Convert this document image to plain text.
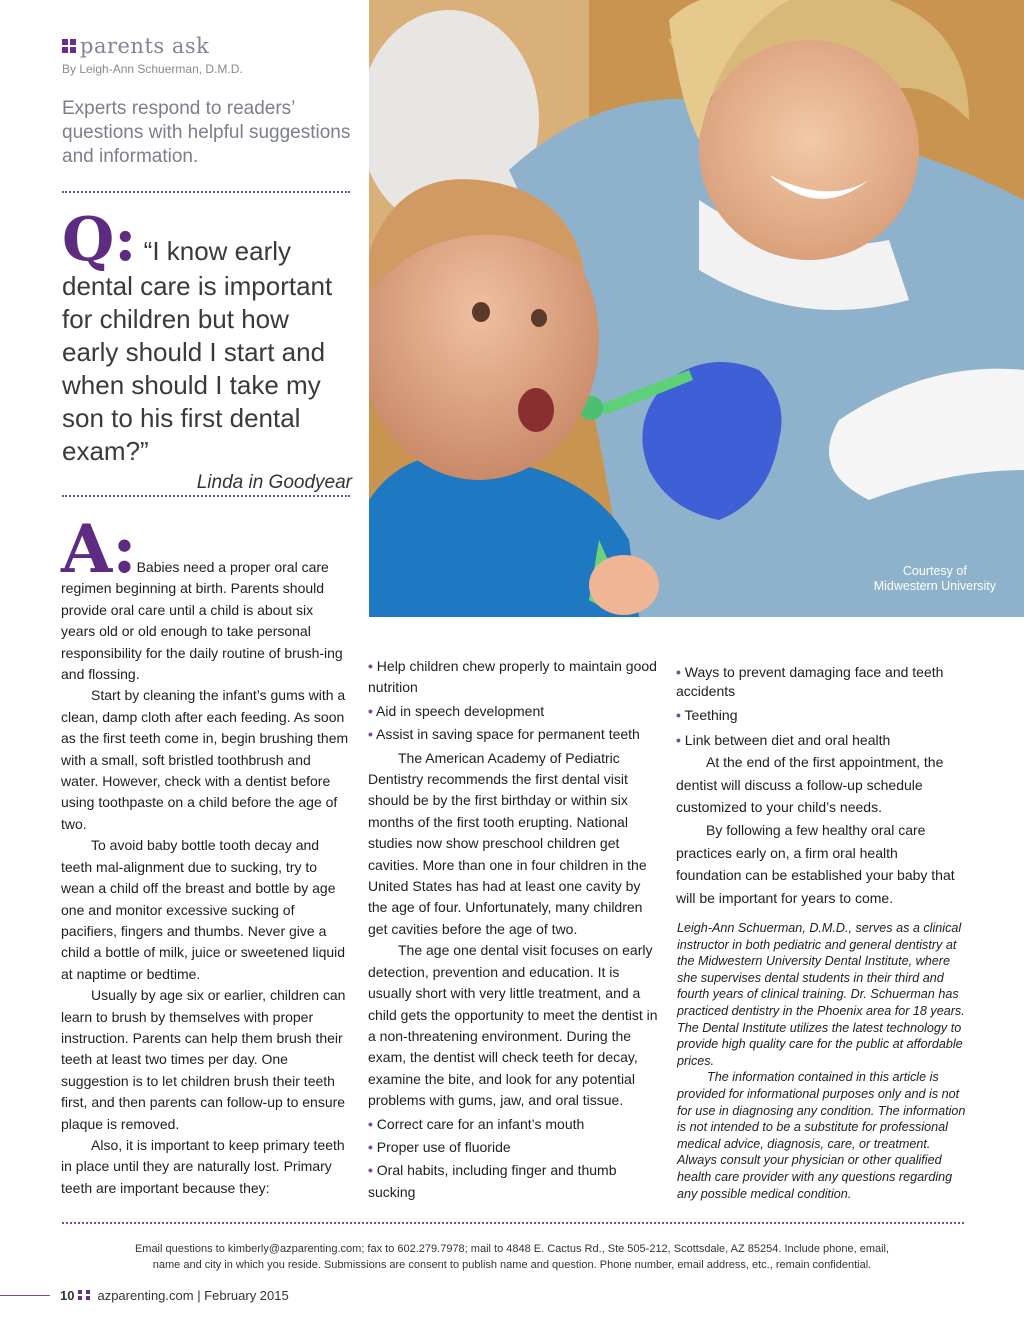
parents ask
By Leigh-Ann Schuerman, D.M.D.
Experts respond to readers’ questions with helpful suggestions and information.
Q: “I know early
dental care is important for children but how early should I start and when should I take my son to his first dental exam?”
Linda in Goodyear
Courtesy of
Midwestern University

A:Babies need a proper oral care regimen beginning at birth. Parents should provide oral care until a child is about six years old or old enough to take personal responsibility for the daily routine of brush-ing and flossing.

Start by cleaning the infant’s gums with a clean, damp cloth after each feeding. As soon as the first teeth come in, begin brushing them with a small, soft bristled toothbrush and water. However, check with a dentist before using toothpaste on a child before the age of two.

To avoid baby bottle tooth decay and teeth mal-alignment due to sucking, try to wean a child off the breast and bottle by age one and monitor excessive sucking of pacifiers, fingers and thumbs. Never give a child a bottle of milk, juice or sweetened liquid at naptime or bedtime.

Usually by age six or earlier, children can learn to brush by themselves with proper instruction. Parents can help them brush their teeth at least two times per day. One suggestion is to let children brush their teeth first, and then parents can follow-up to ensure plaque is removed.

Also, it is important to keep primary teeth in place until they are naturally lost. Primary teeth are important because they:

• Help children chew properly to maintain good nutrition

• Aid in speech development

• Assist in saving space for permanent teeth

The American Academy of Pediatric Dentistry recommends the first dental visit should be by the first birthday or within six months of the first tooth erupting. National studies now show preschool children get cavities. More than one in four children in the United States has had at least one cavity by the age of four. Unfortunately, many children get cavities before the age of two.

The age one dental visit focuses on early detection, prevention and education. It is usually short with very little treatment, and a child gets the opportunity to meet the dentist in a non-threatening environment. During the exam, the dentist will check teeth for decay, examine the bite, and look for any potential problems with gums, jaw, and oral tissue.

• Correct care for an infant’s mouth

• Proper use of fluoride

• Oral habits, including finger and thumb sucking

• Ways to prevent damaging face and teeth accidents

• Teething

• Link between diet and oral health

At the end of the first appointment, the dentist will discuss a follow-up schedule customized to your child’s needs.

By following a few healthy oral care practices early on, a firm oral health foundation can be established your baby that will be important for years to come.

Leigh-Ann Schuerman, D.M.D., serves as a clinical instructor in both pediatric and general dentistry at the Midwestern University Dental Institute, where she supervises dental students in their third and fourth years of clinical training. Dr. Schuerman has practiced dentistry in the Phoenix area for 18 years. The Dental Institute utilizes the latest technology to provide high quality care for the public at affordable prices.

The information contained in this article is provided for informational purposes only and is not for use in diagnosing any condition. The information is not intended to be a substitute for professional medical advice, diagnosis, care, or treatment. Always consult your physician or other qualified health care provider with any questions regarding any possible medical condition.

Email questions to kimberly@azparenting.com; fax to 602.279.7978; mail to 4848 E. Cactus Rd., Ste 505-212, Scottsdale, AZ 85254. Include phone, email,
name and city in which you reside. Submissions are consent to publish name and question. Phone number, email address, etc., remain confidential.
10 azparenting.com | February 2015
